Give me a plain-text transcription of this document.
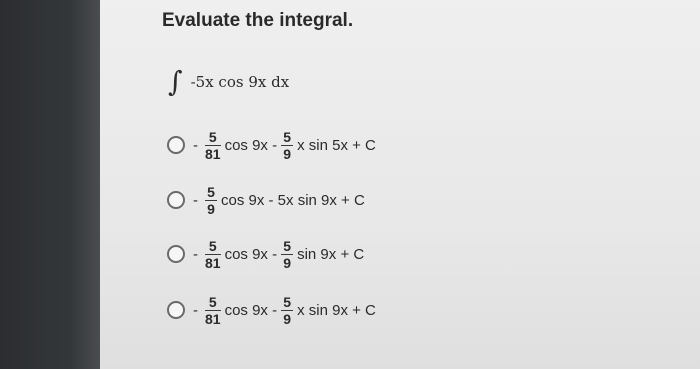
Evaluate the integral.
∫ -5x cos 9x dx
- $\frac{5}{81}$ $\cos 9x - \frac{5}{9}$ x sin 5x + C
- $\frac{5}{9}$ cos 9x - 5x sin 9x + C
- $\frac{5}{81}$ $\cos 9x - \frac{5}{9}$ sin 9x + C
- $\frac{5}{81}$ $\cos 9x - \frac{5}{9}$ x sin 9x + C
